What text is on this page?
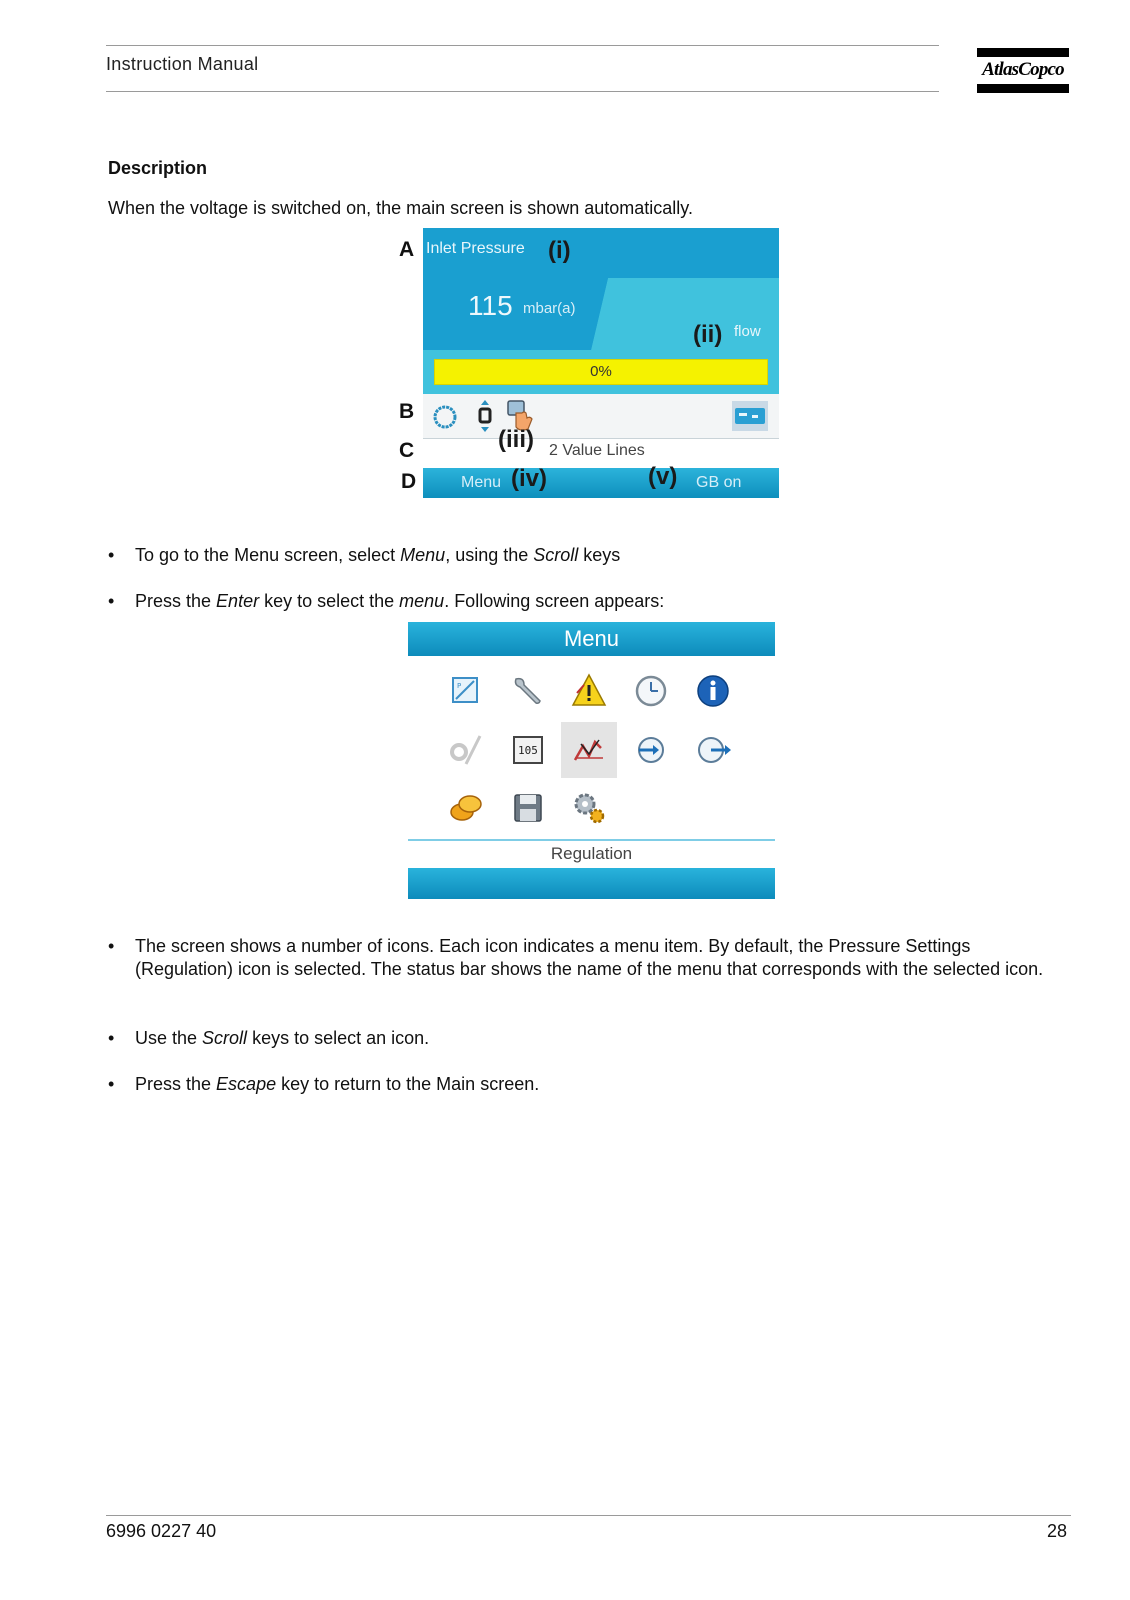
Instruction Manual	AtlasCopco
Description
When the voltage is switched on, the main screen is shown automatically.
A
B
C
D
Inlet Pressure
115 mbar(a)
flow
0%
2 Value Lines
Menu	GB on
(i)
(ii)
(iii)
(iv)	(v)
•	To go to the Menu screen, select Menu, using the Scroll keys
•	Press the Enter key to select the menu. Following screen appears:
Menu
P
105
Regulation
•	The screen shows a number of icons. Each icon indicates a menu item. By default, the Pressure Settings (Regulation) icon is selected. The status bar shows the name of the menu that corresponds with the selected icon.
•	Use the Scroll keys to select an icon.
•	Press the Escape key to return to the Main screen.
6996 0227 40	28
